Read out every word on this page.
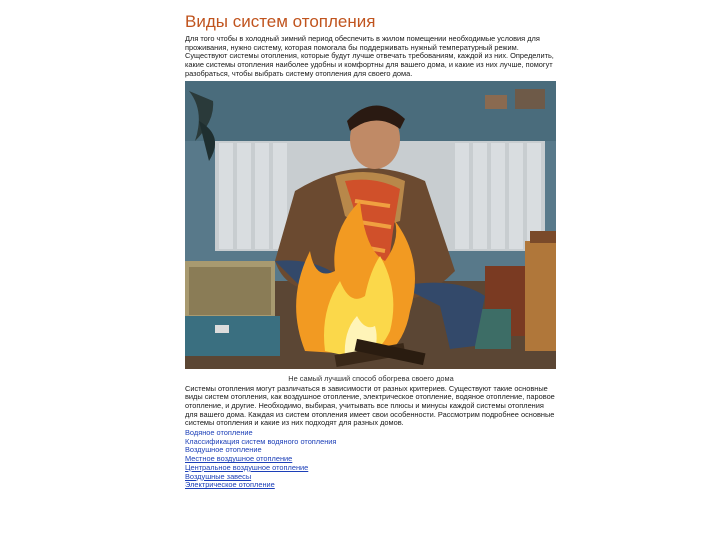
Виды систем отопления

Для того чтобы в холодный зимний период обеспечить в жилом помещении необходимые условия для проживания, нужно систему, которая помогала бы поддерживать нужный температурный режим. Существуют системы отопления, которые будут лучше отвечать требованиям, каждой из них. Определить, какие системы отопления наиболее удобны и комфортны для вашего дома, и какие из них лучше, помогут разобраться, чтобы выбрать систему отопления для своего дома.

Не самый лучший способ обогрева своего дома

Системы отопления могут различаться в зависимости от разных критериев. Существуют такие основные виды систем отопления, как воздушное отопление, электрическое отопление, водяное отопление, паровое отопление, и другие. Необходимо, выбирая, учитывать все плюсы и минусы каждой системы отопления для вашего дома. Каждая из систем отопления имеет свои особенности. Рассмотрим подробнее основные системы отопления и какие из них подходят для разных домов.

Водяное отопление
Классификация систем водяного отопления
Воздушное отопление
Местное воздушное отопление
Центральное воздушное отопление
Воздушные завесы
Электрическое отопление
